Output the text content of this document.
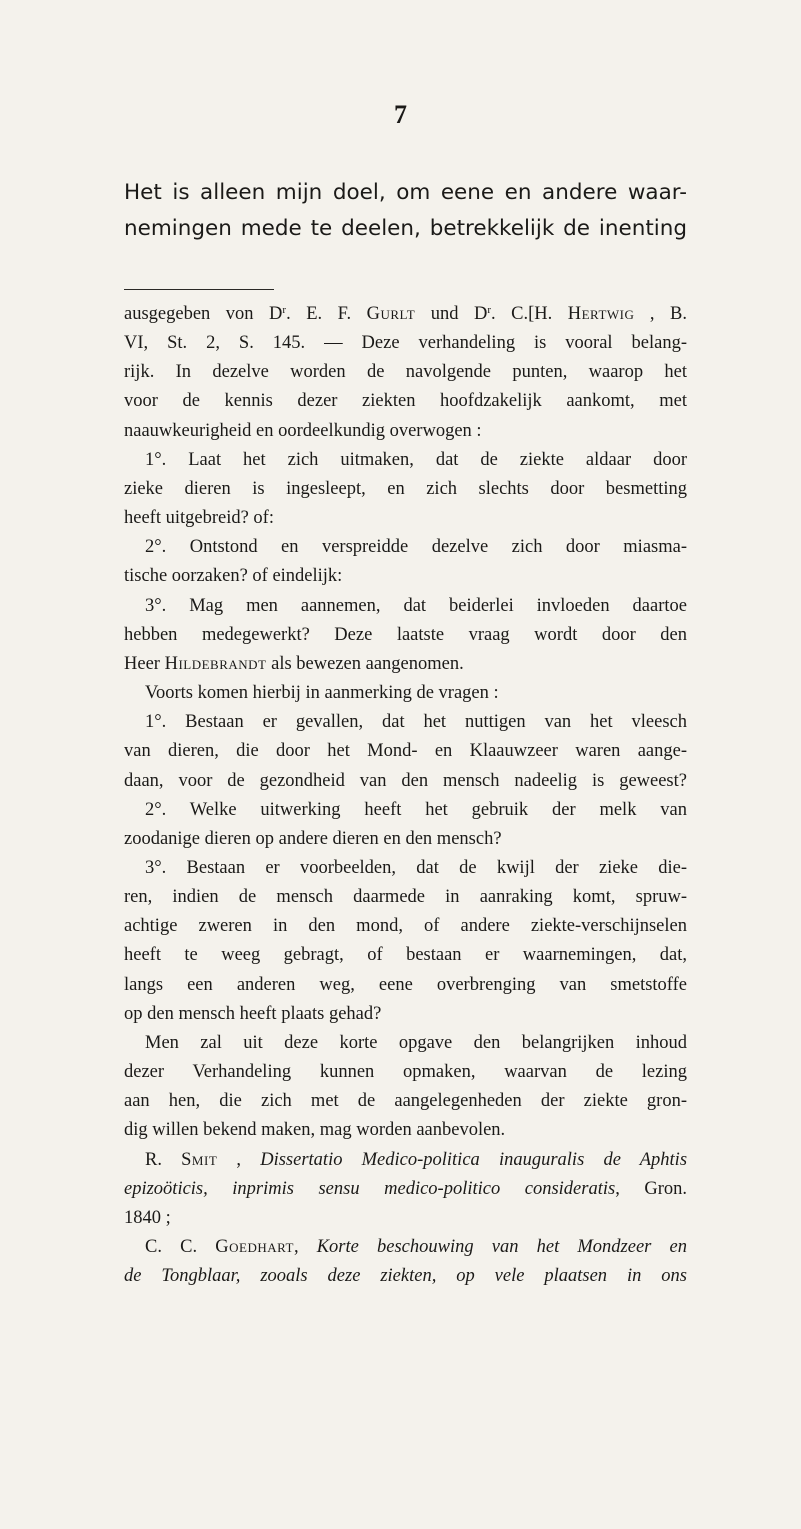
7
Het is alleen mijn doel, om eene en andere waar-
nemingen mede te deelen, betrekkelijk de inenting
ausgegeben von $D^r$. E. F. Gurlt und $D^r$. C.[H. Hertwig , B.
VI, St. 2, S. 145. — Deze verhandeling is vooral belang-
rijk. In dezelve worden de navolgende punten, waarop het
voor de kennis dezer ziekten hoofdzakelijk aankomt, met
naauwkeurigheid en oordeelkundig overwogen :
1°. Laat het zich uitmaken, dat de ziekte aldaar door
zieke dieren is ingesleept, en zich slechts door besmetting
heeft uitgebreid? of:
2°. Ontstond en verspreidde dezelve zich door miasma-
tische oorzaken? of eindelijk:
3°. Mag men aannemen, dat beiderlei invloeden daartoe
hebben medegewerkt? Deze laatste vraag wordt door den
Heer Hildebrandt als bewezen aangenomen.
Voorts komen hierbij in aanmerking de vragen :
1°. Bestaan er gevallen, dat het nuttigen van het vleesch
van dieren, die door het Mond- en Klaauwzeer waren aange-
daan, voor de gezondheid van den mensch nadeelig is geweest?
2°. Welke uitwerking heeft het gebruik der melk van
zoodanige dieren op andere dieren en den mensch?
3°. Bestaan er voorbeelden, dat de kwijl der zieke die-
ren, indien de mensch daarmede in aanraking komt, spruw-
achtige zweren in den mond, of andere ziekte-verschijnselen
heeft te weeg gebragt, of bestaan er waarnemingen, dat,
langs een anderen weg, eene overbrenging van smetstoffe
op den mensch heeft plaats gehad?
Men zal uit deze korte opgave den belangrijken inhoud
dezer Verhandeling kunnen opmaken, waarvan de lezing
aan hen, die zich met de aangelegenheden der ziekte gron-
dig willen bekend maken, mag worden aanbevolen.
R. Smit , Dissertatio Medico-politica inauguralis de Aphtis
epizoöticis, inprimis sensu medico-politico consideratis, Gron.
1840 ;
C. C. Goedhart, Korte beschouwing van het Mondzeer en
de Tongblaar, zooals deze ziekten, op vele plaatsen in ons
